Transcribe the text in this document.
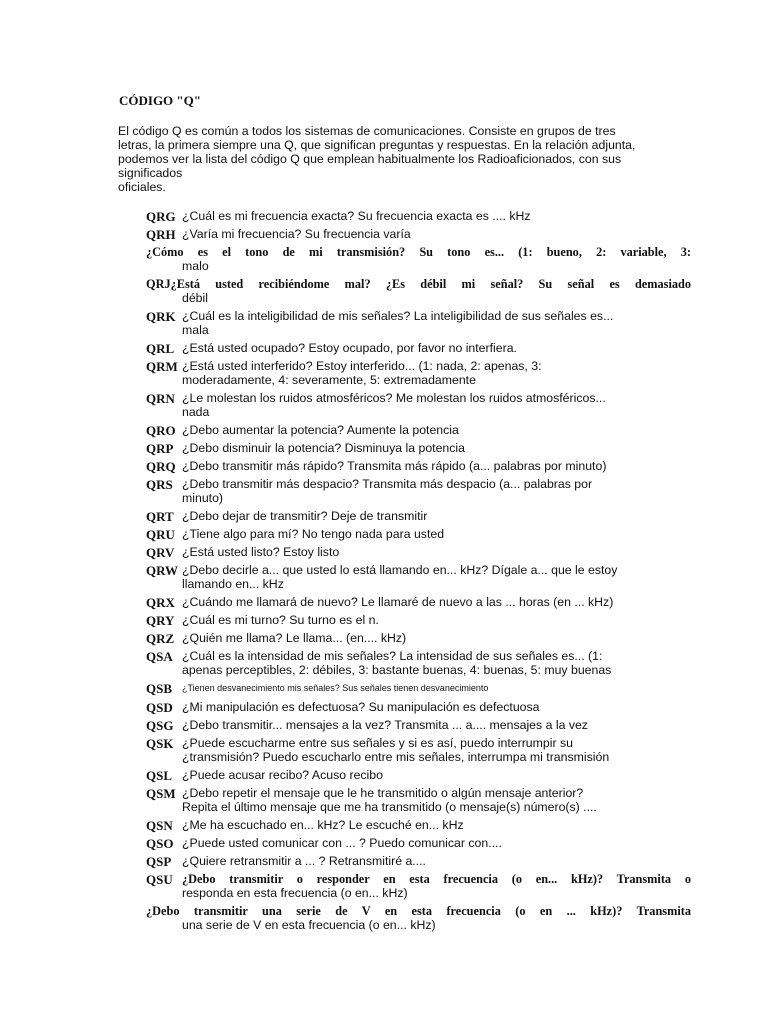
CÓDIGO "Q"
El código Q es común a todos los sistemas de comunicaciones. Consiste en grupos de tres
letras, la primera siempre una Q, que significan preguntas y respuestas. En la relación adjunta,
podemos ver la lista del código Q que emplean habitualmente los Radioaficionados, con sus
significados
oficiales.
QRG ¿Cuál es mi frecuencia exacta? Su frecuencia exacta es .... kHz
QRH ¿Varía mi frecuencia? Su frecuencia varía
¿Cómo es el tono de mi transmisión? Su tono es... (1: bueno, 2: variable, 3:
malo
QRJ¿Está usted recibiéndome mal? ¿Es débil mi señal? Su señal es demasiado
débil
QRK ¿Cuál es la inteligibilidad de mis señales? La inteligibilidad de sus señales es...
mala
QRL ¿Está usted ocupado? Estoy ocupado, por favor no interfiera.
QRM ¿Está usted interferido? Estoy interferido... (1: nada, 2: apenas, 3:
moderadamente, 4: severamente, 5: extremadamente
QRN ¿Le molestan los ruidos atmosféricos? Me molestan los ruidos atmosféricos...
nada
QRO ¿Debo aumentar la potencia? Aumente la potencia
QRP ¿Debo disminuir la potencia? Disminuya la potencia
QRQ ¿Debo transmitir más rápido? Transmita más rápido (a... palabras por minuto)
QRS ¿Debo transmitir más despacio? Transmita más despacio (a... palabras por
minuto)
QRT ¿Debo dejar de transmitir? Deje de transmitir
QRU ¿Tiene algo para mí? No tengo nada para usted
QRV ¿Está usted listo? Estoy listo
QRW ¿Debo decirle a... que usted lo está llamando en... kHz? Dígale a... que le estoy
llamando en... kHz
QRX ¿Cuándo me llamará de nuevo? Le llamaré de nuevo a las ... horas (en ... kHz)
QRY ¿Cuál es mi turno? Su turno es el n.
QRZ ¿Quién me llama? Le llama... (en.... kHz)
QSA ¿Cuál es la intensidad de mis señales? La intensidad de sus señales es... (1:
apenas perceptibles, 2: débiles, 3: bastante buenas, 4: buenas, 5: muy buenas
QSB ¿Tienen desvanecimiento mis señales? Sus señales tienen desvanecimiento
QSD ¿Mi manipulación es defectuosa? Su manipulación es defectuosa
QSG ¿Debo transmitir... mensajes a la vez? Transmita ... a.... mensajes a la vez
QSK ¿Puede escucharme entre sus señales y si es así, puedo interrumpir su
¿transmisión? Puedo escucharlo entre mis señales, interrumpa mi transmisión
QSL ¿Puede acusar recibo? Acuso recibo
QSM ¿Debo repetir el mensaje que le he transmitido o algún mensaje anterior?
Repita el último mensaje que me ha transmitido (o mensaje(s) número(s) ....
QSN ¿Me ha escuchado en... kHz? Le escuché en... kHz
QSO ¿Puede usted comunicar con ... ? Puedo comunicar con....
QSP ¿Quiere retransmitir a ... ? Retransmitiré a....
QSU ¿Debo transmitir o responder en esta frecuencia (o en... kHz)? Transmita o
responda en esta frecuencia (o en... kHz)
¿Debo transmitir una serie de V en esta frecuencia (o en ... kHz)? Transmita
una serie de V en esta frecuencia (o en... kHz)
